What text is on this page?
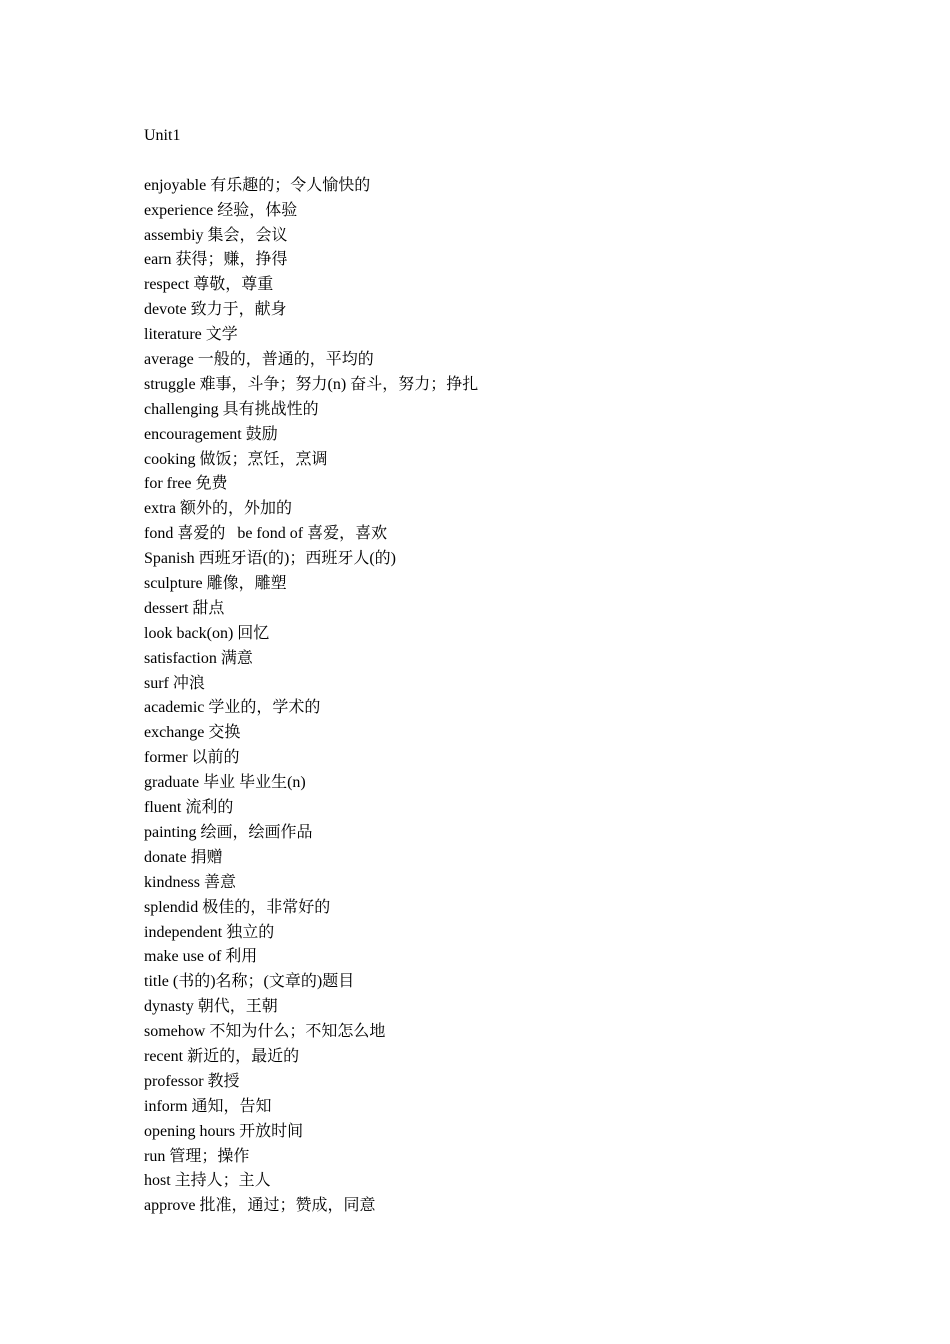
Unit1
enjoyable 有乐趣的；令人愉快的
experience 经验，体验
assembiy 集会，会议
earn 获得；赚，挣得
respect 尊敬，尊重
devote 致力于，献身
literature 文学
average 一般的，普通的，平均的
struggle 难事，斗争；努力(n) 奋斗，努力；挣扎
challenging 具有挑战性的
encouragement 鼓励
cooking 做饭；烹饪，烹调
for free 免费
extra 额外的，外加的
fond 喜爱的   be fond of 喜爱，喜欢
Spanish 西班牙语(的)；西班牙人(的)
sculpture 雕像，雕塑
dessert 甜点
look back(on) 回忆
satisfaction 满意
surf 冲浪
academic 学业的，学术的
exchange 交换
former 以前的
graduate 毕业 毕业生(n)
fluent 流利的
painting 绘画，绘画作品
donate 捐赠
kindness 善意
splendid 极佳的，非常好的
independent 独立的
make use of 利用
title (书的)名称；(文章的)题目
dynasty 朝代，王朝
somehow 不知为什么；不知怎么地
recent 新近的，最近的
professor 教授
inform 通知，告知
opening hours 开放时间
run 管理；操作
host 主持人；主人
approve 批准，通过；赞成，同意
